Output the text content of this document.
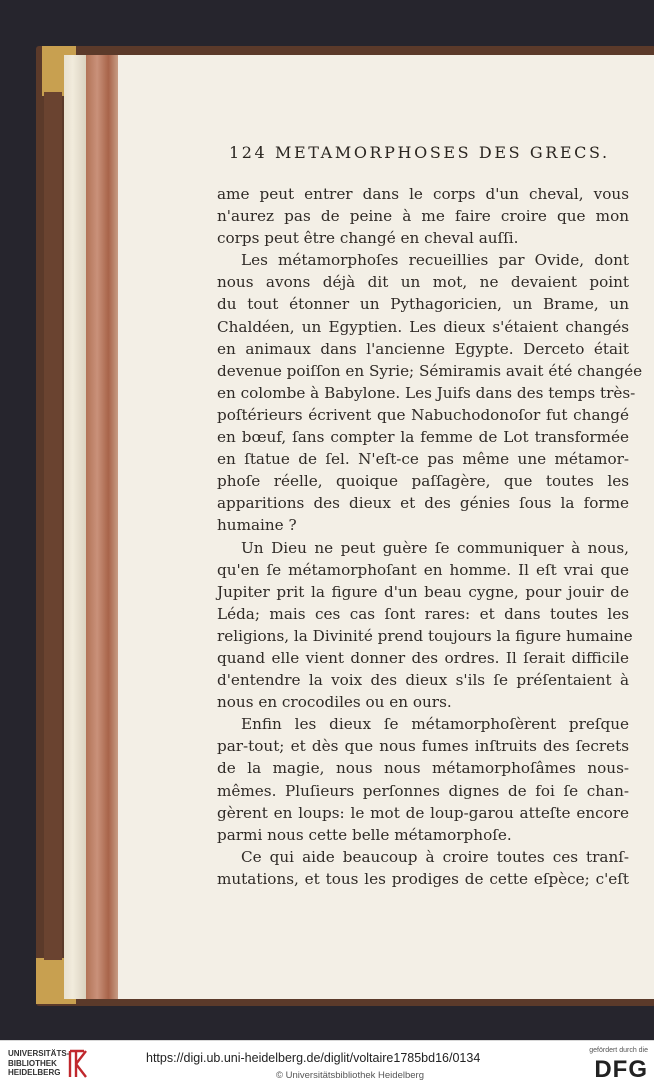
124 METAMORPHOSES DES GRECS.
ame peut entrer dans le corps d'un cheval, vous
n'aurez pas de peine à me faire croire que mon
corps peut être changé en cheval auſſi.
Les métamorphoſes recueillies par Ovide, dont
nous avons déjà dit un mot, ne devaient point
du tout étonner un Pythagoricien, un Brame, un
Chaldéen, un Egyptien. Les dieux s'étaient changés
en animaux dans l'ancienne Egypte. Derceto était
devenue poiſſon en Syrie; Sémiramis avait été changée
en colombe à Babylone. Les Juifs dans des temps très-
poſtérieurs écrivent que Nabuchodonoſor fut changé
en bœuf, ſans compter la femme de Lot transformée
en ſtatue de ſel. N'eſt-ce pas même une métamor-
phoſe réelle, quoique paſſagère, que toutes les
apparitions des dieux et des génies ſous la forme
humaine ?
Un Dieu ne peut guère ſe communiquer à nous,
qu'en ſe métamorphoſant en homme. Il eſt vrai que
Jupiter prit la figure d'un beau cygne, pour jouir de
Léda; mais ces cas ſont rares: et dans toutes les
religions, la Divinité prend toujours la figure humaine
quand elle vient donner des ordres. Il ſerait difficile
d'entendre la voix des dieux s'ils ſe préſentaient à
nous en crocodiles ou en ours.
Enfin les dieux ſe métamorphoſèrent preſque
par-tout; et dès que nous fumes inſtruits des ſecrets
de la magie, nous nous métamorphoſâmes nous-
mêmes. Pluſieurs perſonnes dignes de foi ſe chan-
gèrent en loups: le mot de loup-garou atteſte encore
parmi nous cette belle métamorphoſe.
Ce qui aide beaucoup à croire toutes ces tranſ-
mutations, et tous les prodiges de cette eſpèce; c'eſt
UNIVERSITÄTS-
BIBLIOTHEK
HEIDELBERG
https://digi.ub.uni-heidelberg.de/diglit/voltaire1785bd16/0134
© Universitätsbibliothek Heidelberg
gefördert durch die
DFG
